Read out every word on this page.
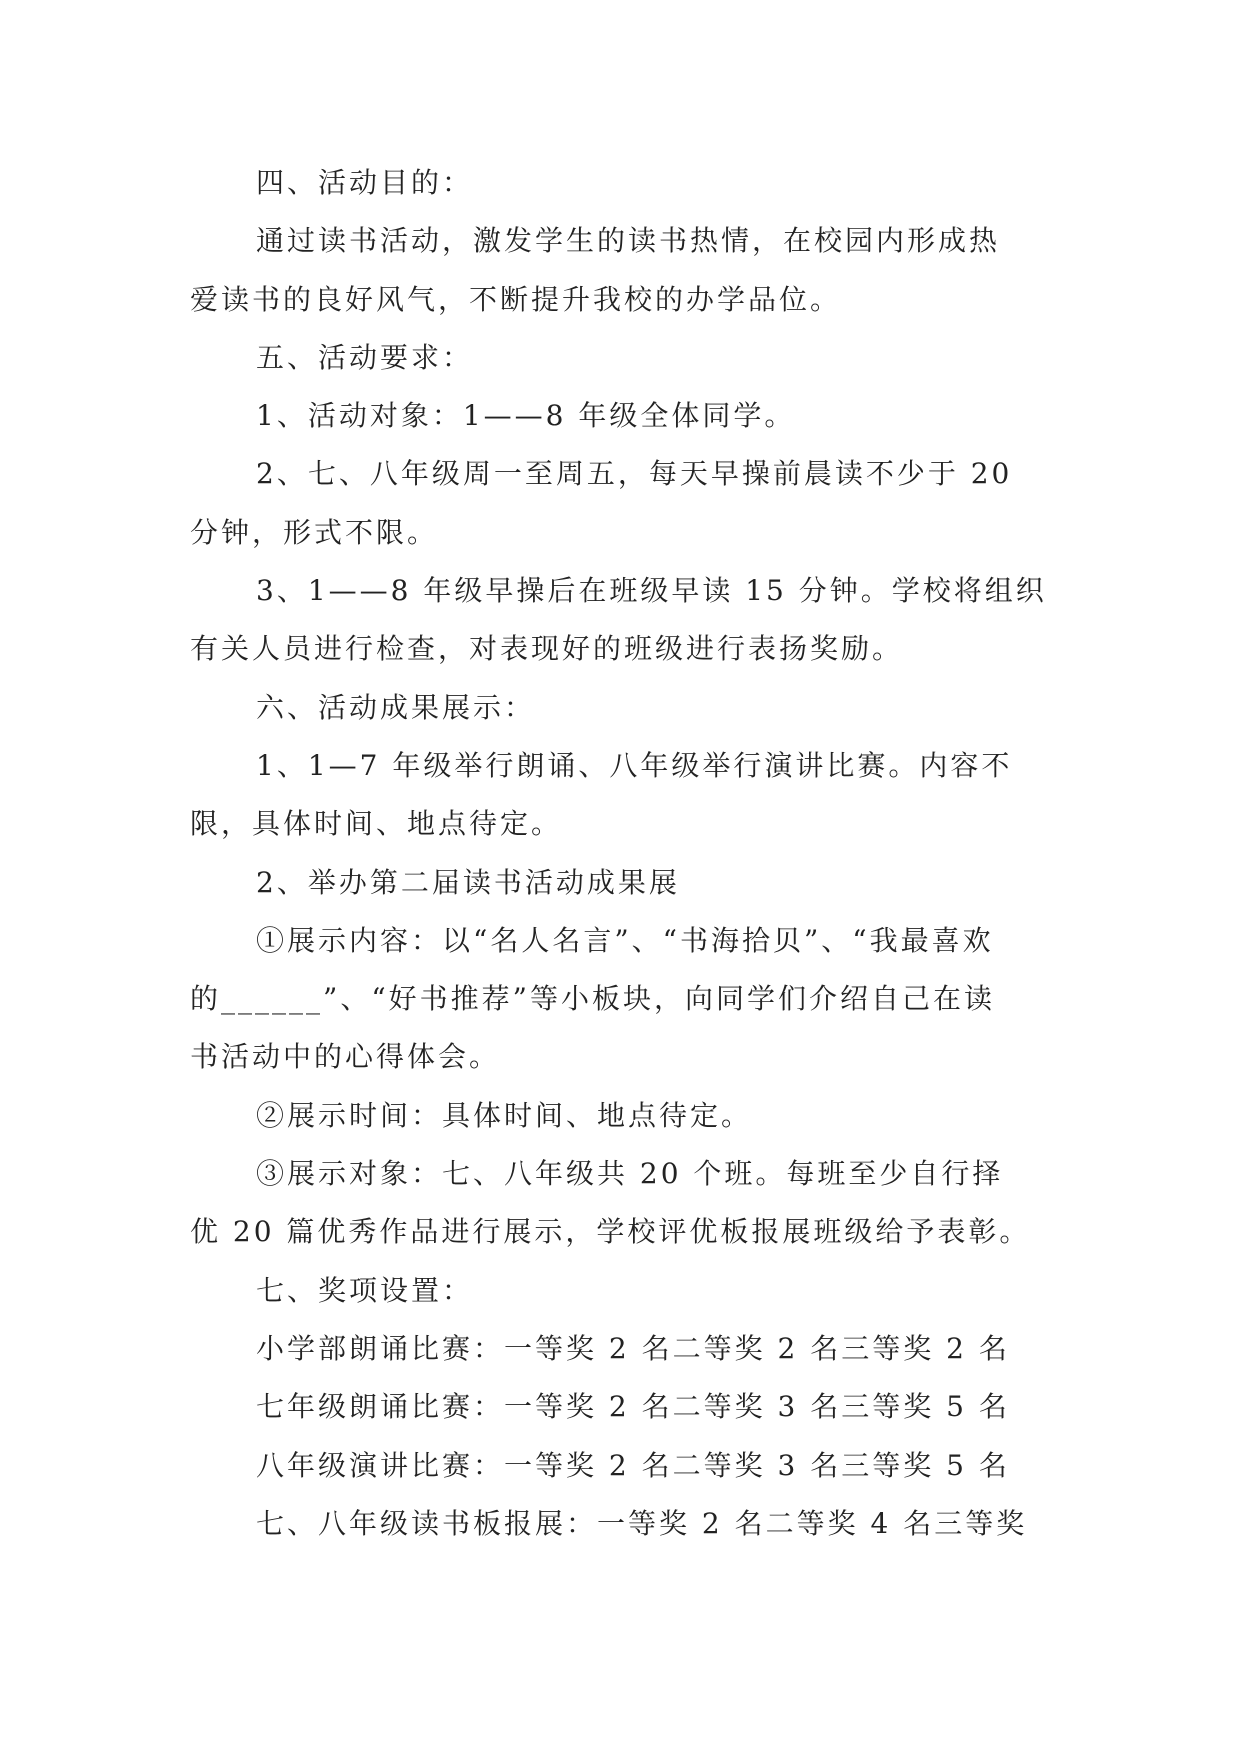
四、活动目的：

通过读书活动，激发学生的读书热情，在校园内形成热

爱读书的良好风气，不断提升我校的办学品位。

五、活动要求：

1、活动对象：1——8 年级全体同学。

2、七、八年级周一至周五，每天早操前晨读不少于 20

分钟，形式不限。

3、1——8 年级早操后在班级早读 15 分钟。学校将组织

有关人员进行检查，对表现好的班级进行表扬奖励。

六、活动成果展示：

1、1—7 年级举行朗诵、八年级举行演讲比赛。内容不

限，具体时间、地点待定。

2、举办第二届读书活动成果展

①展示内容：以“名人名言”、“书海拾贝”、“我最喜欢

的______”、“好书推荐”等小板块，向同学们介绍自己在读

书活动中的心得体会。

②展示时间：具体时间、地点待定。

③展示对象：七、八年级共 20 个班。每班至少自行择

优 20 篇优秀作品进行展示，学校评优板报展班级给予表彰。

七、奖项设置：

小学部朗诵比赛：一等奖 2 名二等奖 2 名三等奖 2 名

七年级朗诵比赛：一等奖 2 名二等奖 3 名三等奖 5 名

八年级演讲比赛：一等奖 2 名二等奖 3 名三等奖 5 名

七、八年级读书板报展：一等奖 2 名二等奖 4 名三等奖
